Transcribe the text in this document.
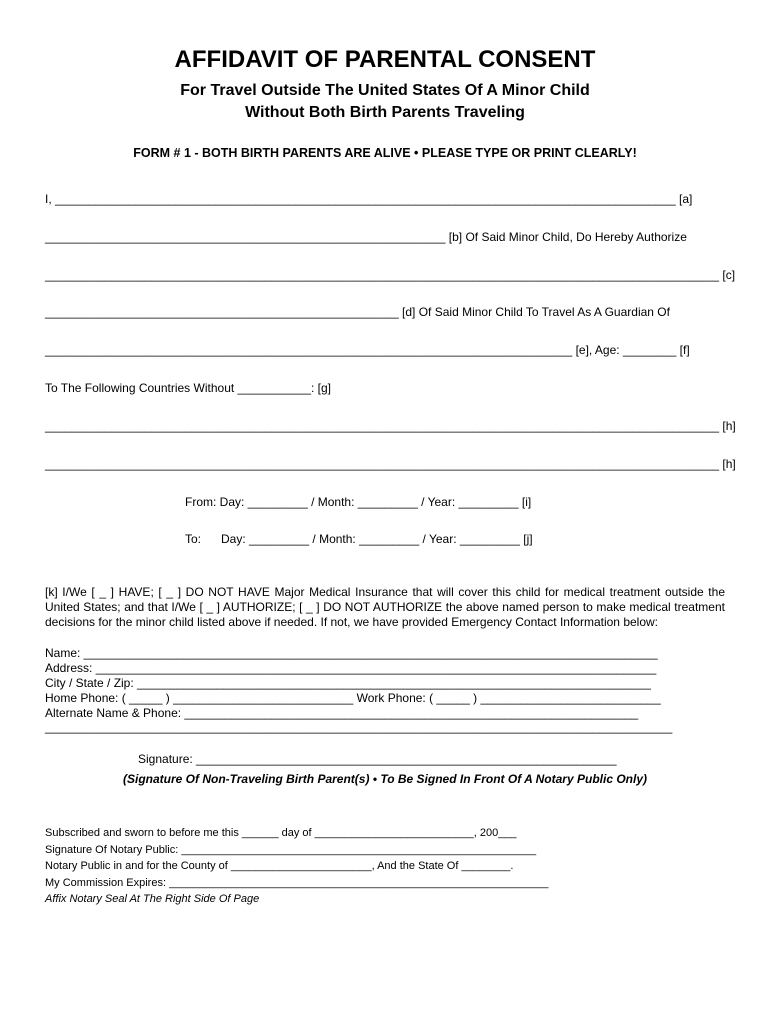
AFFIDAVIT OF PARENTAL CONSENT
For Travel Outside The United States Of A Minor Child
Without Both Birth Parents Traveling
FORM # 1 - BOTH BIRTH PARENTS ARE ALIVE • PLEASE TYPE OR PRINT CLEARLY!
I, _____________________________________________________________________________________________ [a]
____________________________________________________________ [b] Of Said Minor Child, Do Hereby Authorize
_____________________________________________________________________________________________________ [c]
_____________________________________________________ [d] Of Said Minor Child To Travel As A Guardian Of
_______________________________________________________________________________ [e], Age: ________ [f]
To The Following Countries Without ___________: [g]
_____________________________________________________________________________________________________ [h]
_____________________________________________________________________________________________________ [h]
From: Day: _________ / Month: _________ / Year: _________ [i]
To: Day: _________ / Month: _________ / Year: _________ [j]
[k] I/We [ _ ] HAVE; [ _ ] DO NOT HAVE Major Medical Insurance that will cover this child for medical treatment outside the United States; and that I/We [ _ ] AUTHORIZE; [ _ ] DO NOT AUTHORIZE the above named person to make medical treatment decisions for the minor child listed above if needed. If not, we have provided Emergency Contact Information below:
Name: ______________________________________________________________________________________
Address: ____________________________________________________________________________________
City / State / Zip: _____________________________________________________________________________
Home Phone: ( _____ ) ___________________________ Work Phone: ( _____ ) ___________________________
Alternate Name & Phone: ____________________________________________________________________
______________________________________________________________________________________________
Signature: _______________________________________________________________
(Signature Of Non-Traveling Birth Parent(s) • To Be Signed In Front Of A Notary Public Only)
Subscribed and sworn to before me this ______ day of __________________________, 200___
Signature Of Notary Public: __________________________________________________________
Notary Public in and for the County of _______________________, And the State Of ________.
My Commission Expires: ______________________________________________________________
Affix Notary Seal At The Right Side Of Page
